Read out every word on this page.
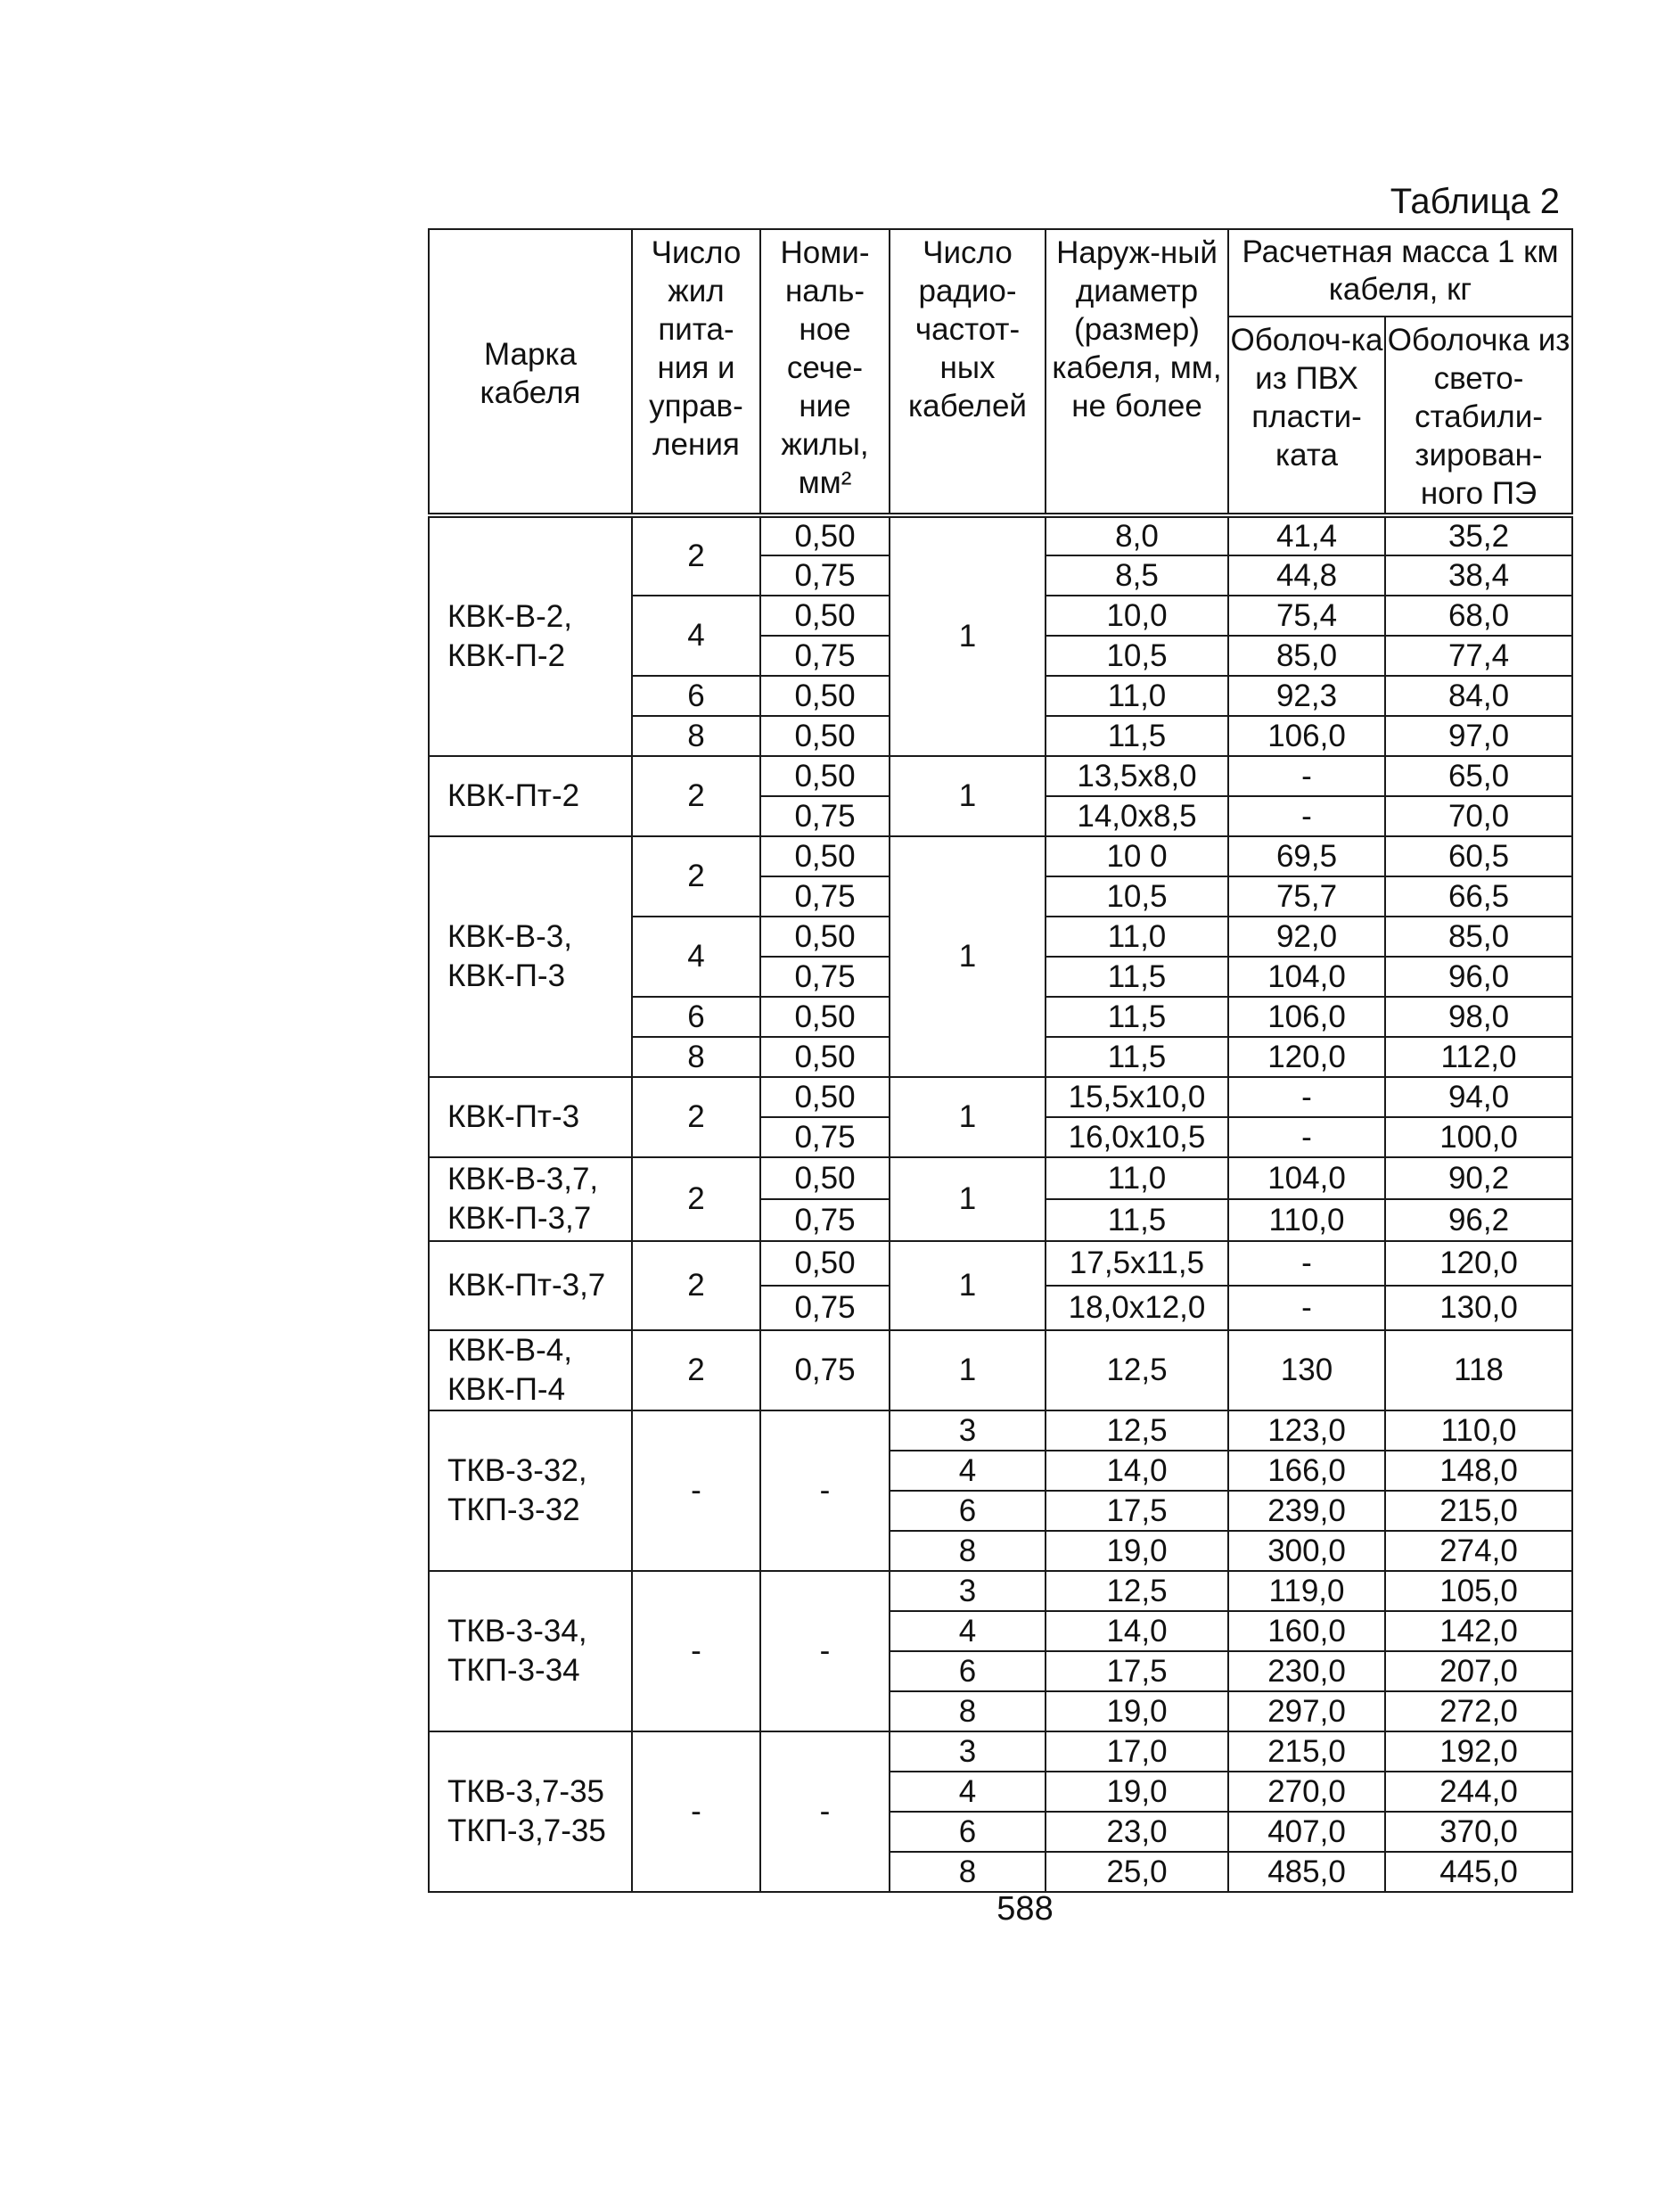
Таблица 2
Марка кабеля	Число жил пита-ния и управ-ления	Номи-наль-ное сече-ние жилы, мм²	Число радио-частот-ных кабелей	Наруж-ный диаметр (размер) кабеля, мм, не более	Расчетная масса 1 км кабеля, кг	
					Оболоч-ка из ПВХ пласти-ката	Оболочка из свето-стабили-зирован-ного ПЭ
КВК-В-2, КВК-П-2	2	0,50	1	8,0	41,4	35,2
		0,75		8,5	44,8	38,4
	4	0,50		10,0	75,4	68,0
		0,75		10,5	85,0	77,4
	6	0,50		11,0	92,3	84,0
	8	0,50		11,5	106,0	97,0
КВК-Пт-2	2	0,50	1	13,5x8,0	-	65,0
		0,75		14,0x8,5	-	70,0
КВК-В-3, КВК-П-3	2	0,50	1	10 0	69,5	60,5
		0,75		10,5	75,7	66,5
	4	0,50		11,0	92,0	85,0
		0,75		11,5	104,0	96,0
	6	0,50		11,5	106,0	98,0
	8	0,50		11,5	120,0	112,0
КВК-Пт-3	2	0,50	1	15,5x10,0	-	94,0
		0,75		16,0x10,5	-	100,0
КВК-В-3,7, КВК-П-3,7	2	0,50	1	11,0	104,0	90,2
		0,75		11,5	110,0	96,2
КВК-Пт-3,7	2	0,50	1	17,5x11,5	-	120,0
		0,75		18,0x12,0	-	130,0
КВК-В-4, КВК-П-4	2	0,75	1	12,5	130	118
ТКВ-3-32, ТКП-3-32	-	-	3	12,5	123,0	110,0
			4	14,0	166,0	148,0
			6	17,5	239,0	215,0
			8	19,0	300,0	274,0
ТКВ-3-34, ТКП-3-34	-	-	3	12,5	119,0	105,0
			4	14,0	160,0	142,0
			6	17,5	230,0	207,0
			8	19,0	297,0	272,0
ТКВ-3,7-35 ТКП-3,7-35	-	-	3	17,0	215,0	192,0
			4	19,0	270,0	244,0
			6	23,0	407,0	370,0
			8	25,0	485,0	445,0
588
